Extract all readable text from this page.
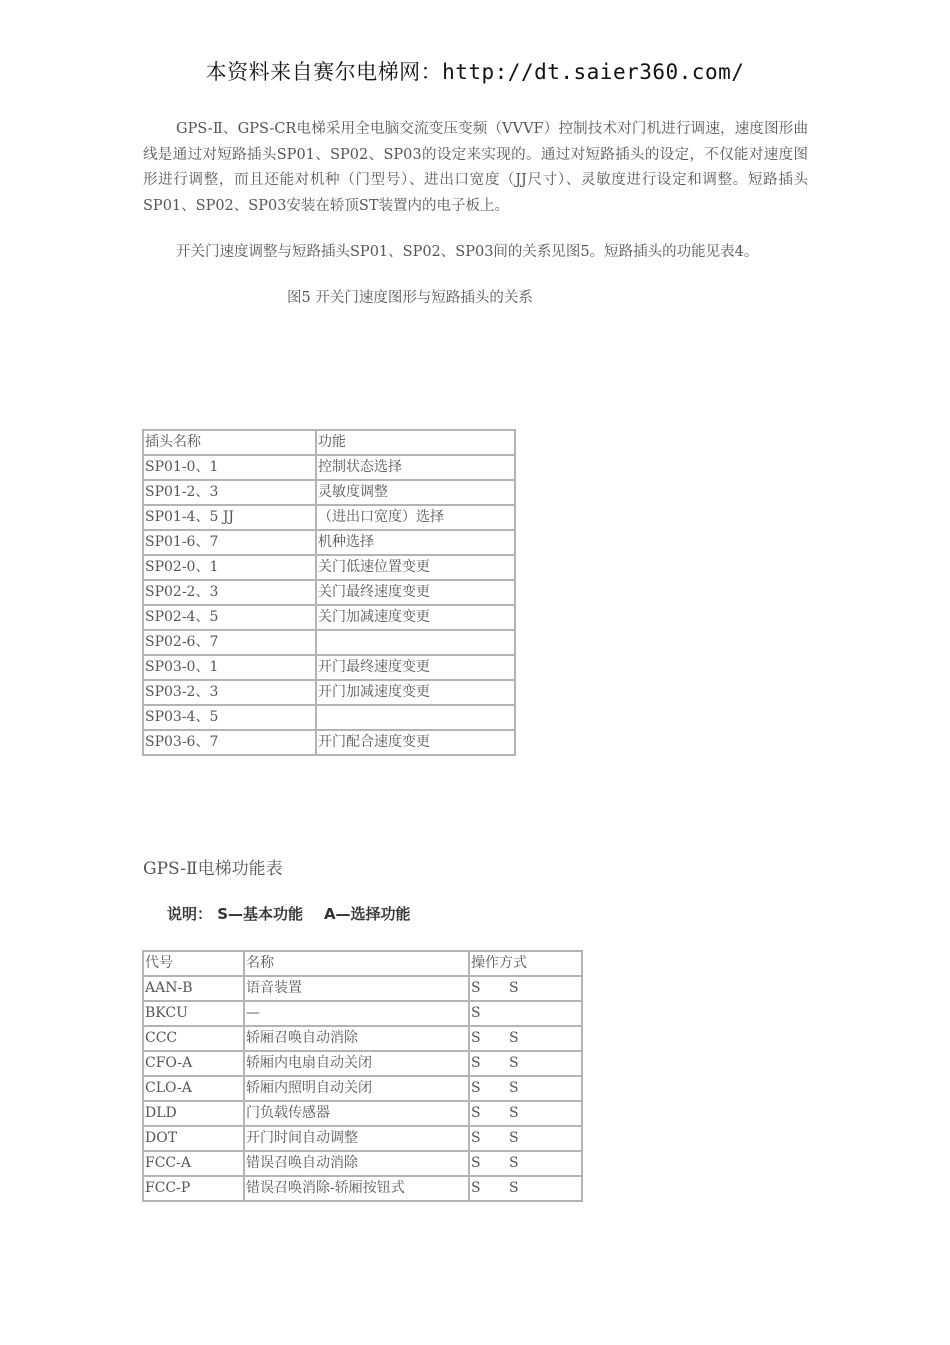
本资料来自赛尔电梯网：http://dt.saier360.com/
GPS-Ⅱ、GPS-CR电梯采用全电脑交流变压变频（VVVF）控制技术对门机进行调速，速度图形曲线是通过对短路插头SP01、SP02、SP03的设定来实现的。通过对短路插头的设定，不仅能对速度图形进行调整，而且还能对机种（门型号）、进出口宽度（JJ尺寸）、灵敏度进行设定和调整。短路插头SP01、SP02、SP03安装在轿顶ST装置内的电子板上。
开关门速度调整与短路插头SP01、SP02、SP03间的关系见图5。短路插头的功能见表4。
图5 开关门速度图形与短路插头的关系
插头名称	功能
SP01-0、1	控制状态选择
SP01-2、3	灵敏度调整
SP01-4、5 JJ	（进出口宽度）选择
SP01-6、7	机种选择
SP02-0、1	关门低速位置变更
SP02-2、3	关门最终速度变更
SP02-4、5	关门加减速度变更
SP02-6、7	
SP03-0、1	开门最终速度变更
SP03-2、3	开门加减速度变更
SP03-4、5	
SP03-6、7	开门配合速度变更
GPS-Ⅱ电梯功能表
说明： S—基本功能 A—选择功能
代号	名称	操作方式
AAN-B	语音装置	S S
BKCU	—	S
CCC	轿厢召唤自动消除	S S
CFO-A	轿厢内电扇自动关闭	S S
CLO-A	轿厢内照明自动关闭	S S
DLD	门负载传感器	S S
DOT	开门时间自动调整	S S
FCC-A	错误召唤自动消除	S S
FCC-P	错误召唤消除-轿厢按钮式	S S
